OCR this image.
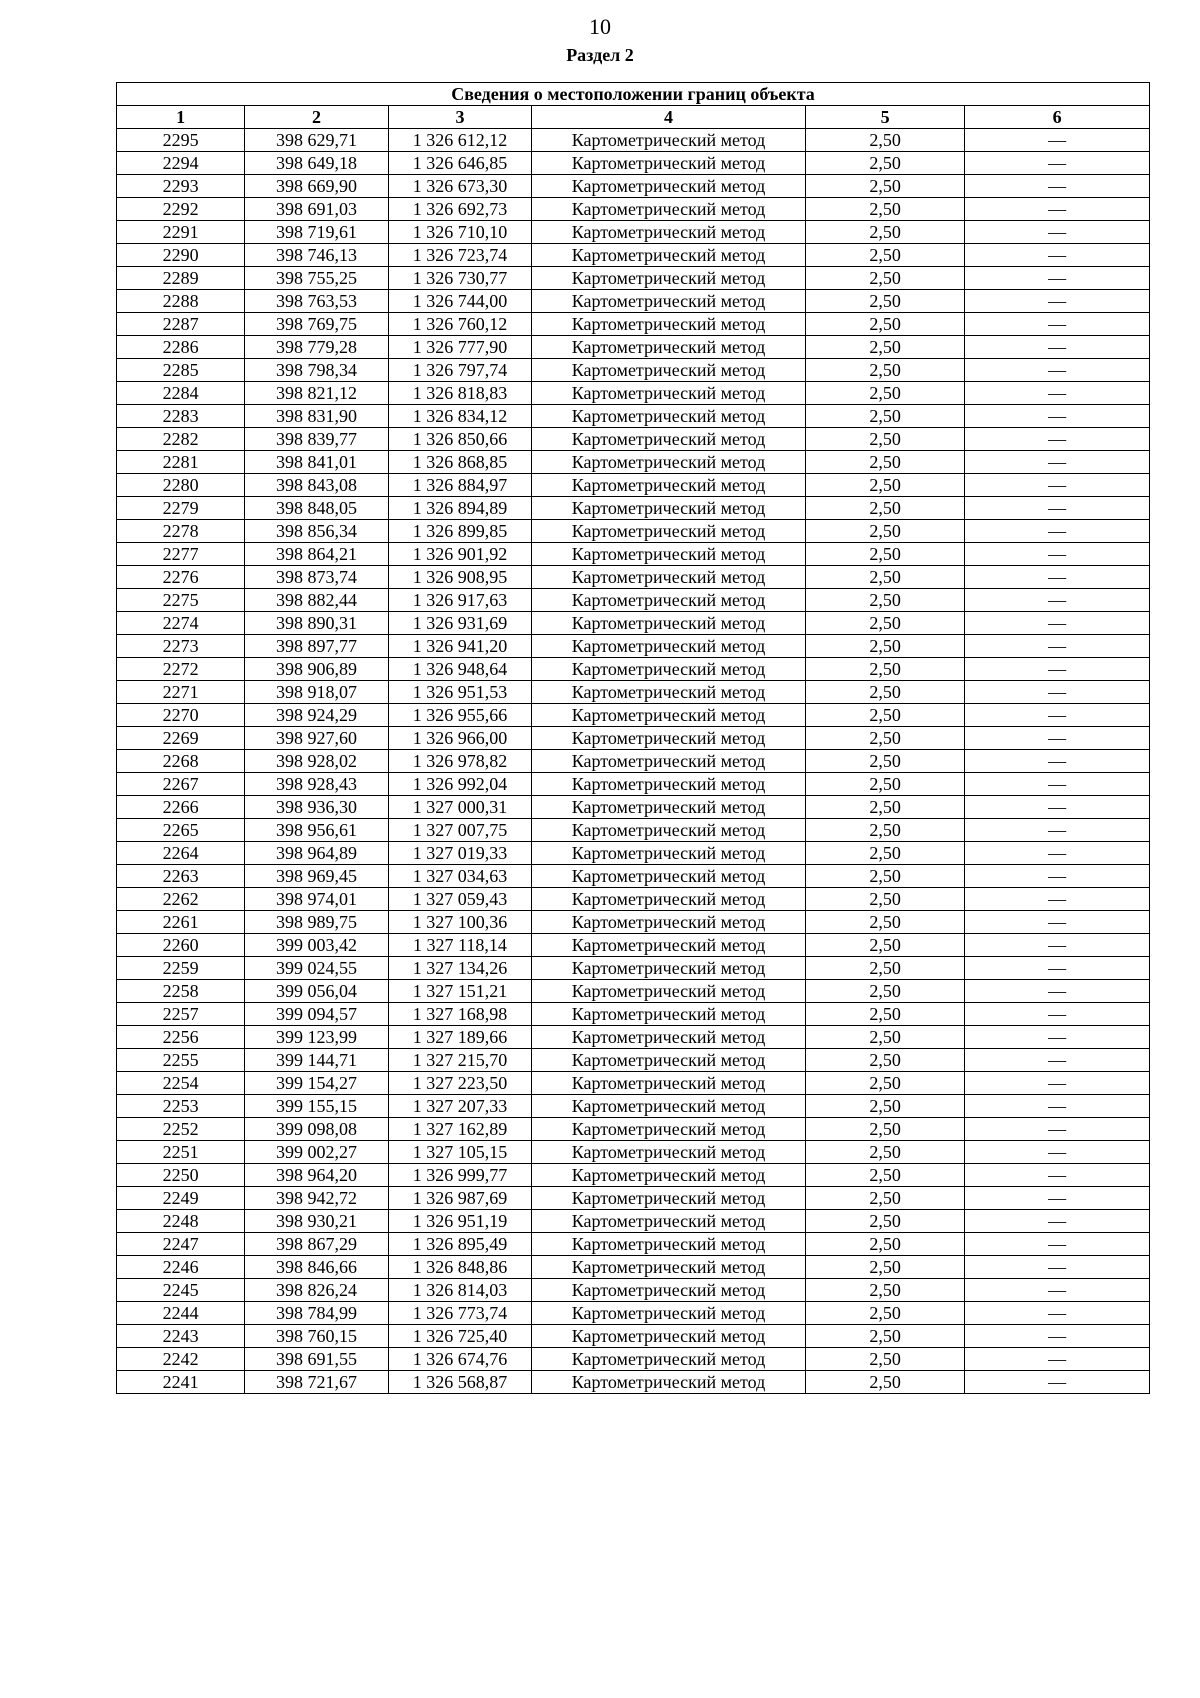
10
Раздел 2
Сведения о местоположении границ объекта					
1	2	3	4	5	6
2295	398 629,71	1 326 612,12	Картометрический метод	2,50	—
2294	398 649,18	1 326 646,85	Картометрический метод	2,50	—
2293	398 669,90	1 326 673,30	Картометрический метод	2,50	—
2292	398 691,03	1 326 692,73	Картометрический метод	2,50	—
2291	398 719,61	1 326 710,10	Картометрический метод	2,50	—
2290	398 746,13	1 326 723,74	Картометрический метод	2,50	—
2289	398 755,25	1 326 730,77	Картометрический метод	2,50	—
2288	398 763,53	1 326 744,00	Картометрический метод	2,50	—
2287	398 769,75	1 326 760,12	Картометрический метод	2,50	—
2286	398 779,28	1 326 777,90	Картометрический метод	2,50	—
2285	398 798,34	1 326 797,74	Картометрический метод	2,50	—
2284	398 821,12	1 326 818,83	Картометрический метод	2,50	—
2283	398 831,90	1 326 834,12	Картометрический метод	2,50	—
2282	398 839,77	1 326 850,66	Картометрический метод	2,50	—
2281	398 841,01	1 326 868,85	Картометрический метод	2,50	—
2280	398 843,08	1 326 884,97	Картометрический метод	2,50	—
2279	398 848,05	1 326 894,89	Картометрический метод	2,50	—
2278	398 856,34	1 326 899,85	Картометрический метод	2,50	—
2277	398 864,21	1 326 901,92	Картометрический метод	2,50	—
2276	398 873,74	1 326 908,95	Картометрический метод	2,50	—
2275	398 882,44	1 326 917,63	Картометрический метод	2,50	—
2274	398 890,31	1 326 931,69	Картометрический метод	2,50	—
2273	398 897,77	1 326 941,20	Картометрический метод	2,50	—
2272	398 906,89	1 326 948,64	Картометрический метод	2,50	—
2271	398 918,07	1 326 951,53	Картометрический метод	2,50	—
2270	398 924,29	1 326 955,66	Картометрический метод	2,50	—
2269	398 927,60	1 326 966,00	Картометрический метод	2,50	—
2268	398 928,02	1 326 978,82	Картометрический метод	2,50	—
2267	398 928,43	1 326 992,04	Картометрический метод	2,50	—
2266	398 936,30	1 327 000,31	Картометрический метод	2,50	—
2265	398 956,61	1 327 007,75	Картометрический метод	2,50	—
2264	398 964,89	1 327 019,33	Картометрический метод	2,50	—
2263	398 969,45	1 327 034,63	Картометрический метод	2,50	—
2262	398 974,01	1 327 059,43	Картометрический метод	2,50	—
2261	398 989,75	1 327 100,36	Картометрический метод	2,50	—
2260	399 003,42	1 327 118,14	Картометрический метод	2,50	—
2259	399 024,55	1 327 134,26	Картометрический метод	2,50	—
2258	399 056,04	1 327 151,21	Картометрический метод	2,50	—
2257	399 094,57	1 327 168,98	Картометрический метод	2,50	—
2256	399 123,99	1 327 189,66	Картометрический метод	2,50	—
2255	399 144,71	1 327 215,70	Картометрический метод	2,50	—
2254	399 154,27	1 327 223,50	Картометрический метод	2,50	—
2253	399 155,15	1 327 207,33	Картометрический метод	2,50	—
2252	399 098,08	1 327 162,89	Картометрический метод	2,50	—
2251	399 002,27	1 327 105,15	Картометрический метод	2,50	—
2250	398 964,20	1 326 999,77	Картометрический метод	2,50	—
2249	398 942,72	1 326 987,69	Картометрический метод	2,50	—
2248	398 930,21	1 326 951,19	Картометрический метод	2,50	—
2247	398 867,29	1 326 895,49	Картометрический метод	2,50	—
2246	398 846,66	1 326 848,86	Картометрический метод	2,50	—
2245	398 826,24	1 326 814,03	Картометрический метод	2,50	—
2244	398 784,99	1 326 773,74	Картометрический метод	2,50	—
2243	398 760,15	1 326 725,40	Картометрический метод	2,50	—
2242	398 691,55	1 326 674,76	Картометрический метод	2,50	—
2241	398 721,67	1 326 568,87	Картометрический метод	2,50	—
